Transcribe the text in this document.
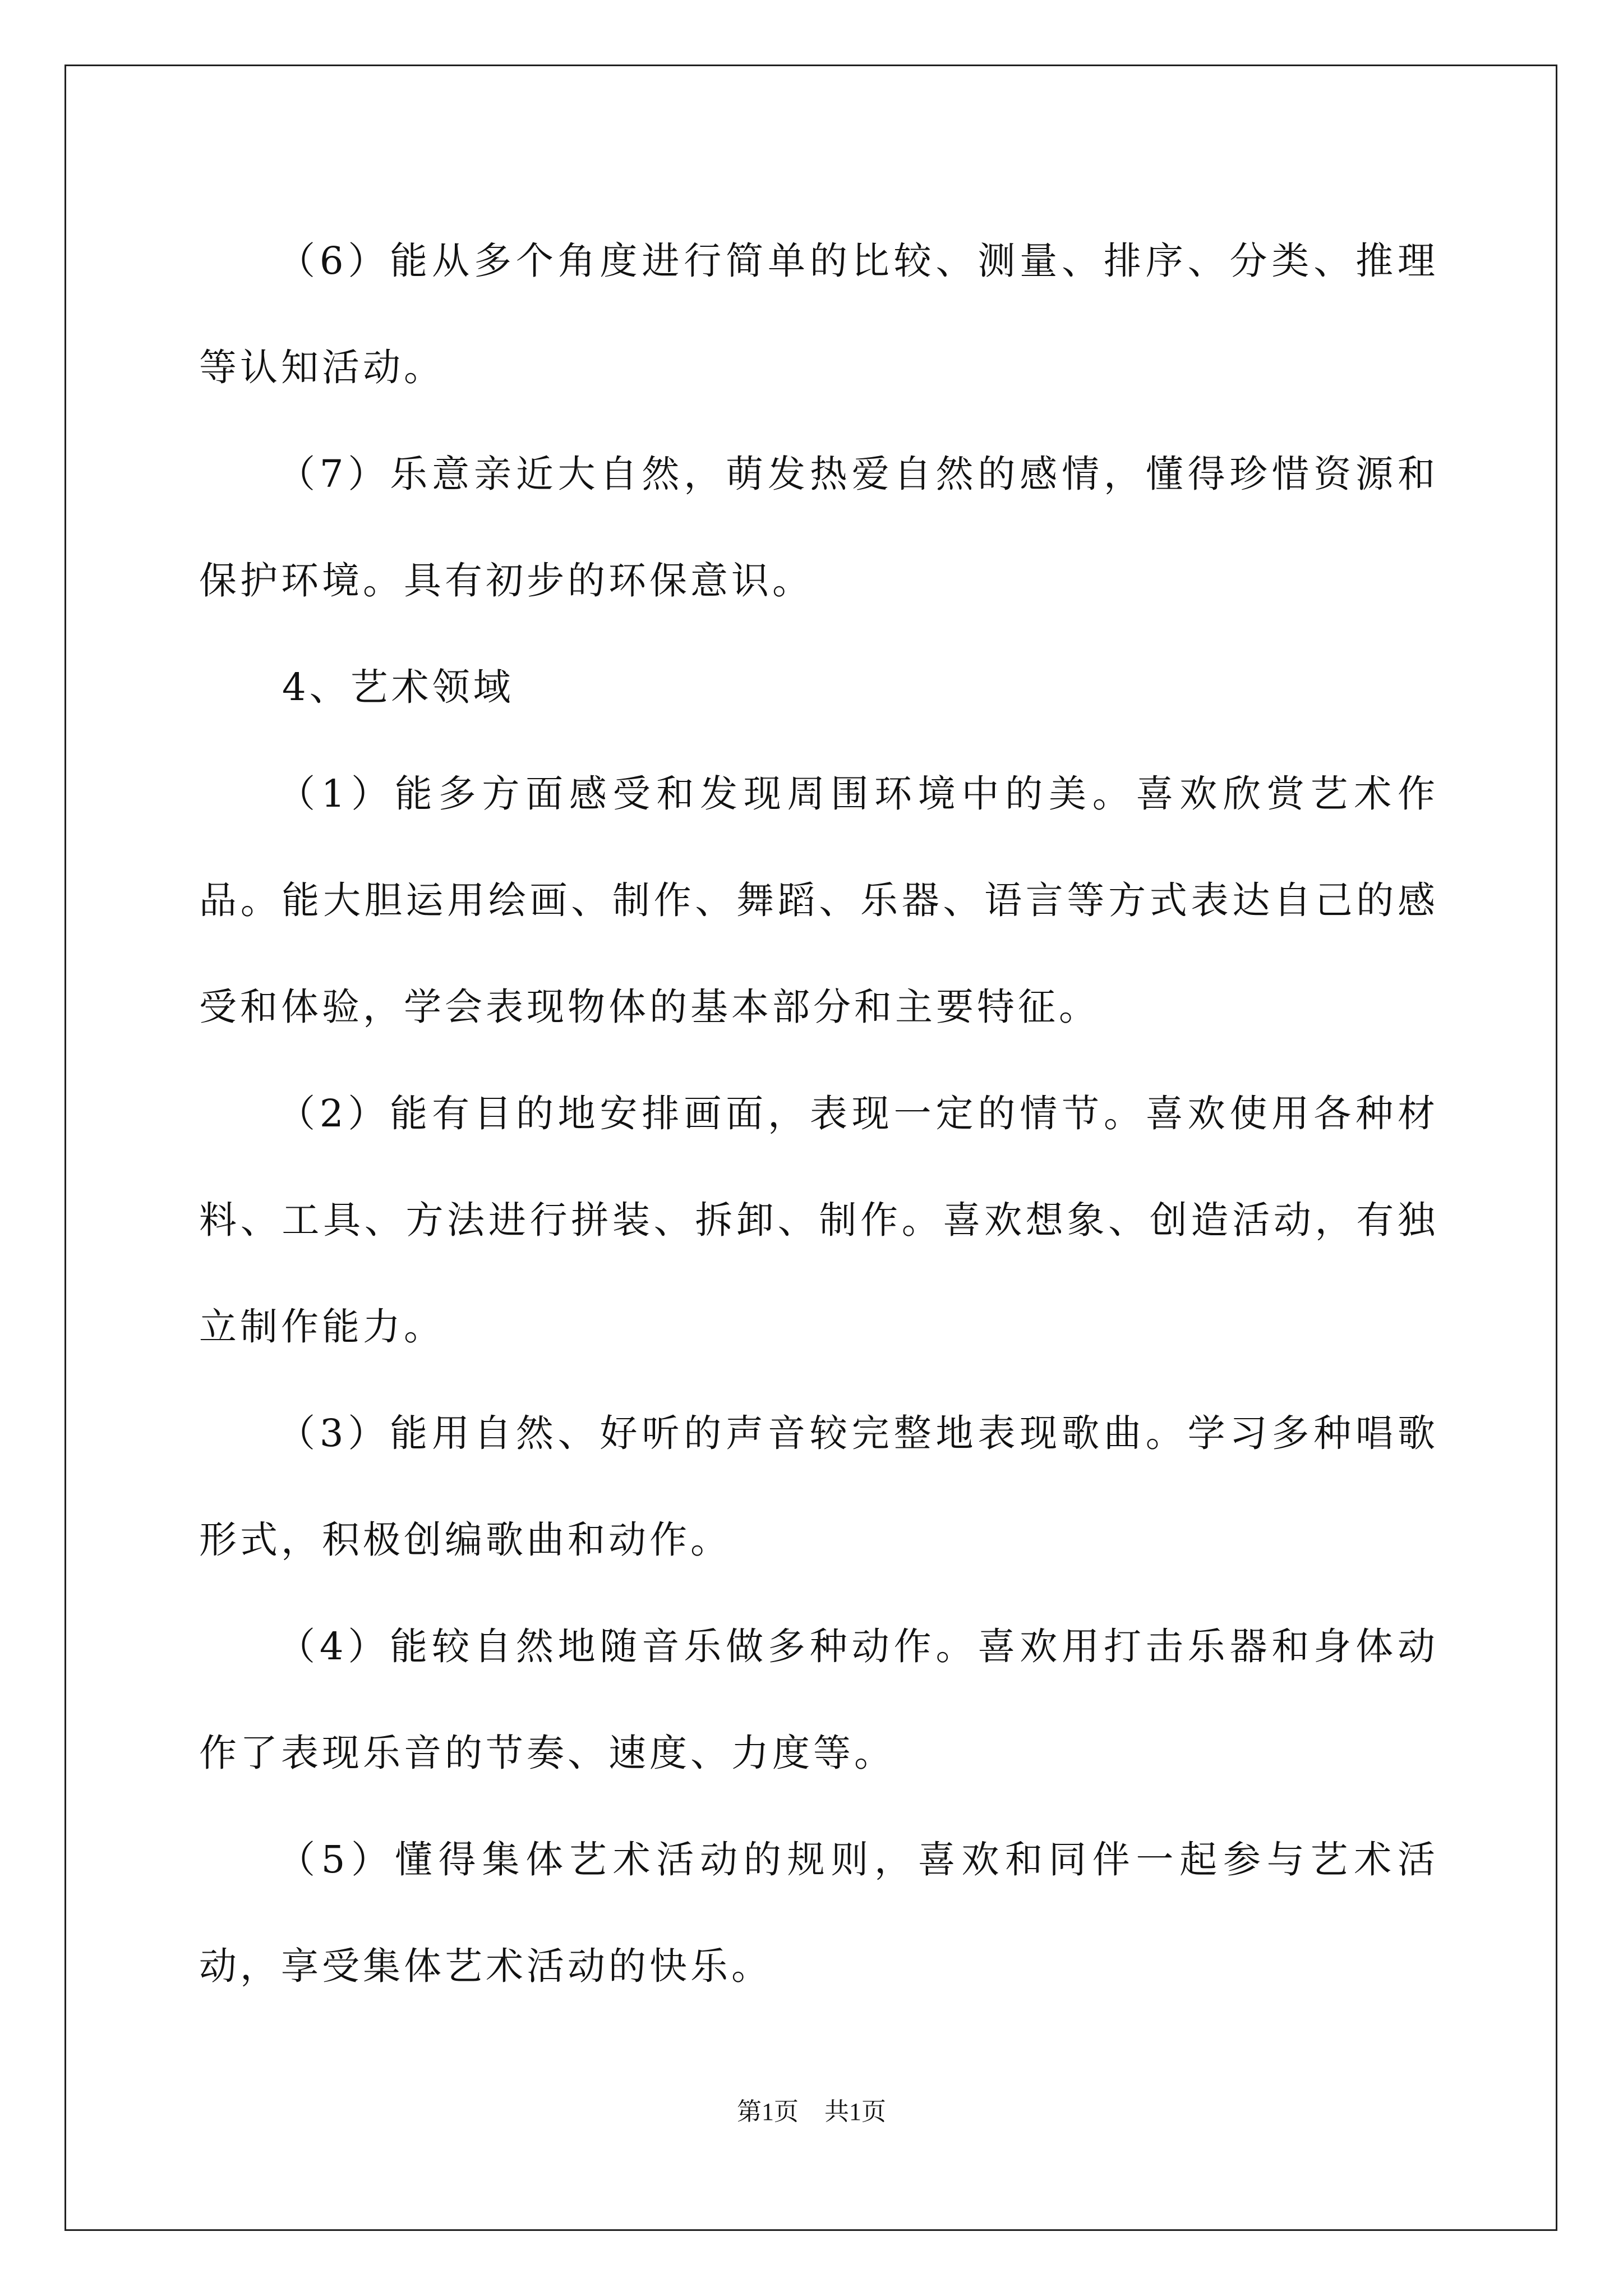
（6）能从多个角度进行简单的比较、测量、排序、分类、推理等认知活动。

（7）乐意亲近大自然，萌发热爱自然的感情，懂得珍惜资源和保护环境。具有初步的环保意识。

4、艺术领域

（1）能多方面感受和发现周围环境中的美。喜欢欣赏艺术作品。能大胆运用绘画、制作、舞蹈、乐器、语言等方式表达自己的感受和体验，学会表现物体的基本部分和主要特征。

（2）能有目的地安排画面，表现一定的情节。喜欢使用各种材料、工具、方法进行拼装、拆卸、制作。喜欢想象、创造活动，有独立制作能力。

（3）能用自然、好听的声音较完整地表现歌曲。学习多种唱歌形式，积极创编歌曲和动作。

（4）能较自然地随音乐做多种动作。喜欢用打击乐器和身体动作了表现乐音的节奏、速度、力度等。

（5）懂得集体艺术活动的规则，喜欢和同伴一起参与艺术活动，享受集体艺术活动的快乐。

第1页 共1页
